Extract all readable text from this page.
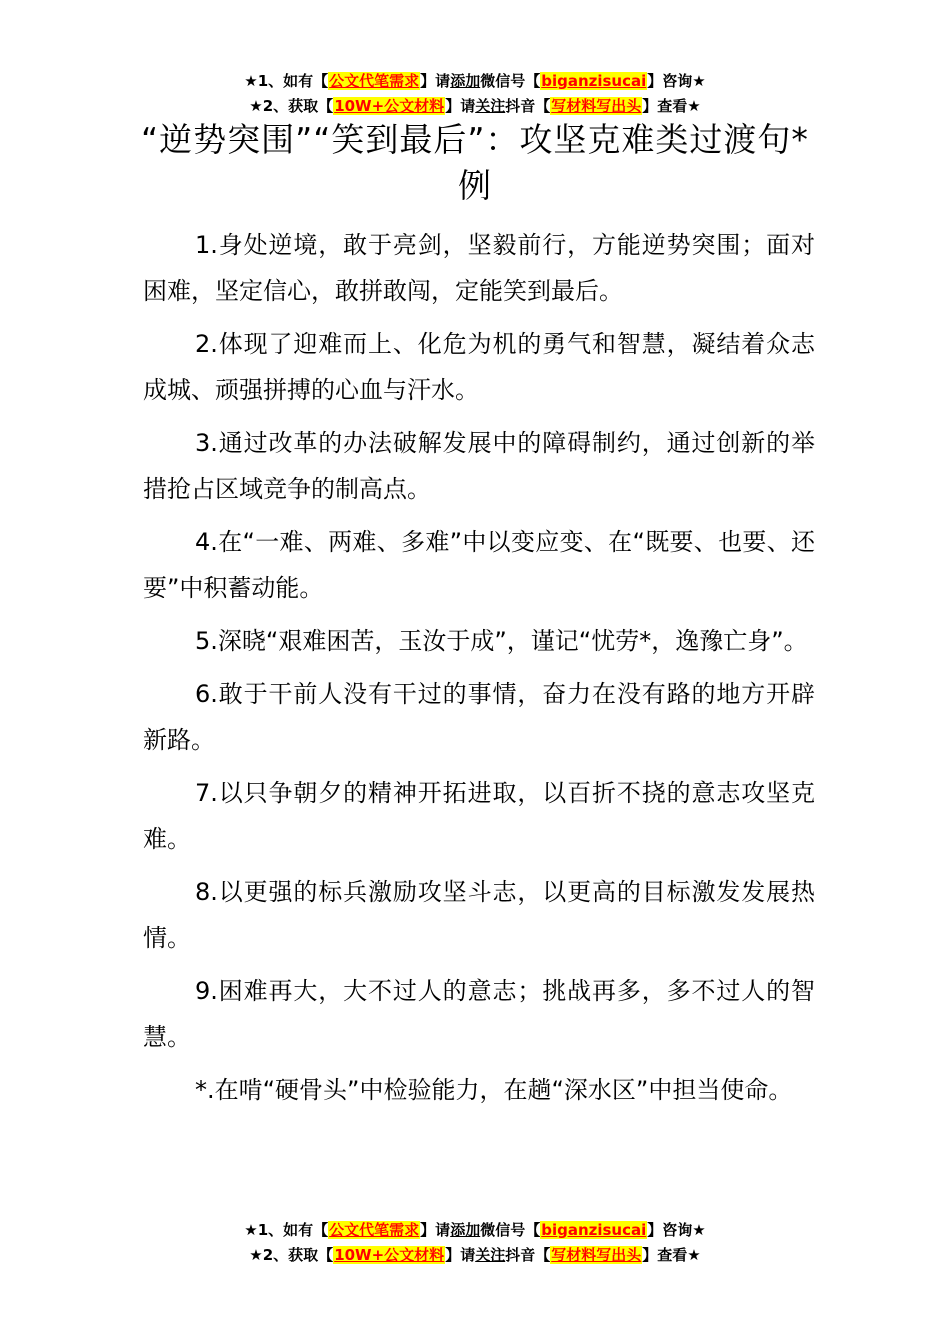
★1、如有【公文代笔需求】请添加微信号【biganzisucai】咨询★
★2、获取【10W+公文材料】请关注抖音【写材料写出头】查看★
“逆势突围”“笑到最后”：攻坚克难类过渡句*例

1.身处逆境，敢于亮剑，坚毅前行，方能逆势突围；面对困难，坚定信心，敢拼敢闯，定能笑到最后。

2.体现了迎难而上、化危为机的勇气和智慧，凝结着众志成城、顽强拼搏的心血与汗水。

3.通过改革的办法破解发展中的障碍制约，通过创新的举措抢占区域竞争的制高点。

4.在“一难、两难、多难”中以变应变、在“既要、也要、还要”中积蓄动能。

5.深晓“艰难困苦，玉汝于成”，谨记“忧劳*，逸豫亡身”。

6.敢于干前人没有干过的事情，奋力在没有路的地方开辟新路。

7.以只争朝夕的精神开拓进取，以百折不挠的意志攻坚克难。

8.以更强的标兵激励攻坚斗志，以更高的目标激发发展热情。

9.困难再大，大不过人的意志；挑战再多，多不过人的智慧。

*.在啃“硬骨头”中检验能力，在趟“深水区”中担当使命。

★1、如有【公文代笔需求】请添加微信号【biganzisucai】咨询★
★2、获取【10W+公文材料】请关注抖音【写材料写出头】查看★
